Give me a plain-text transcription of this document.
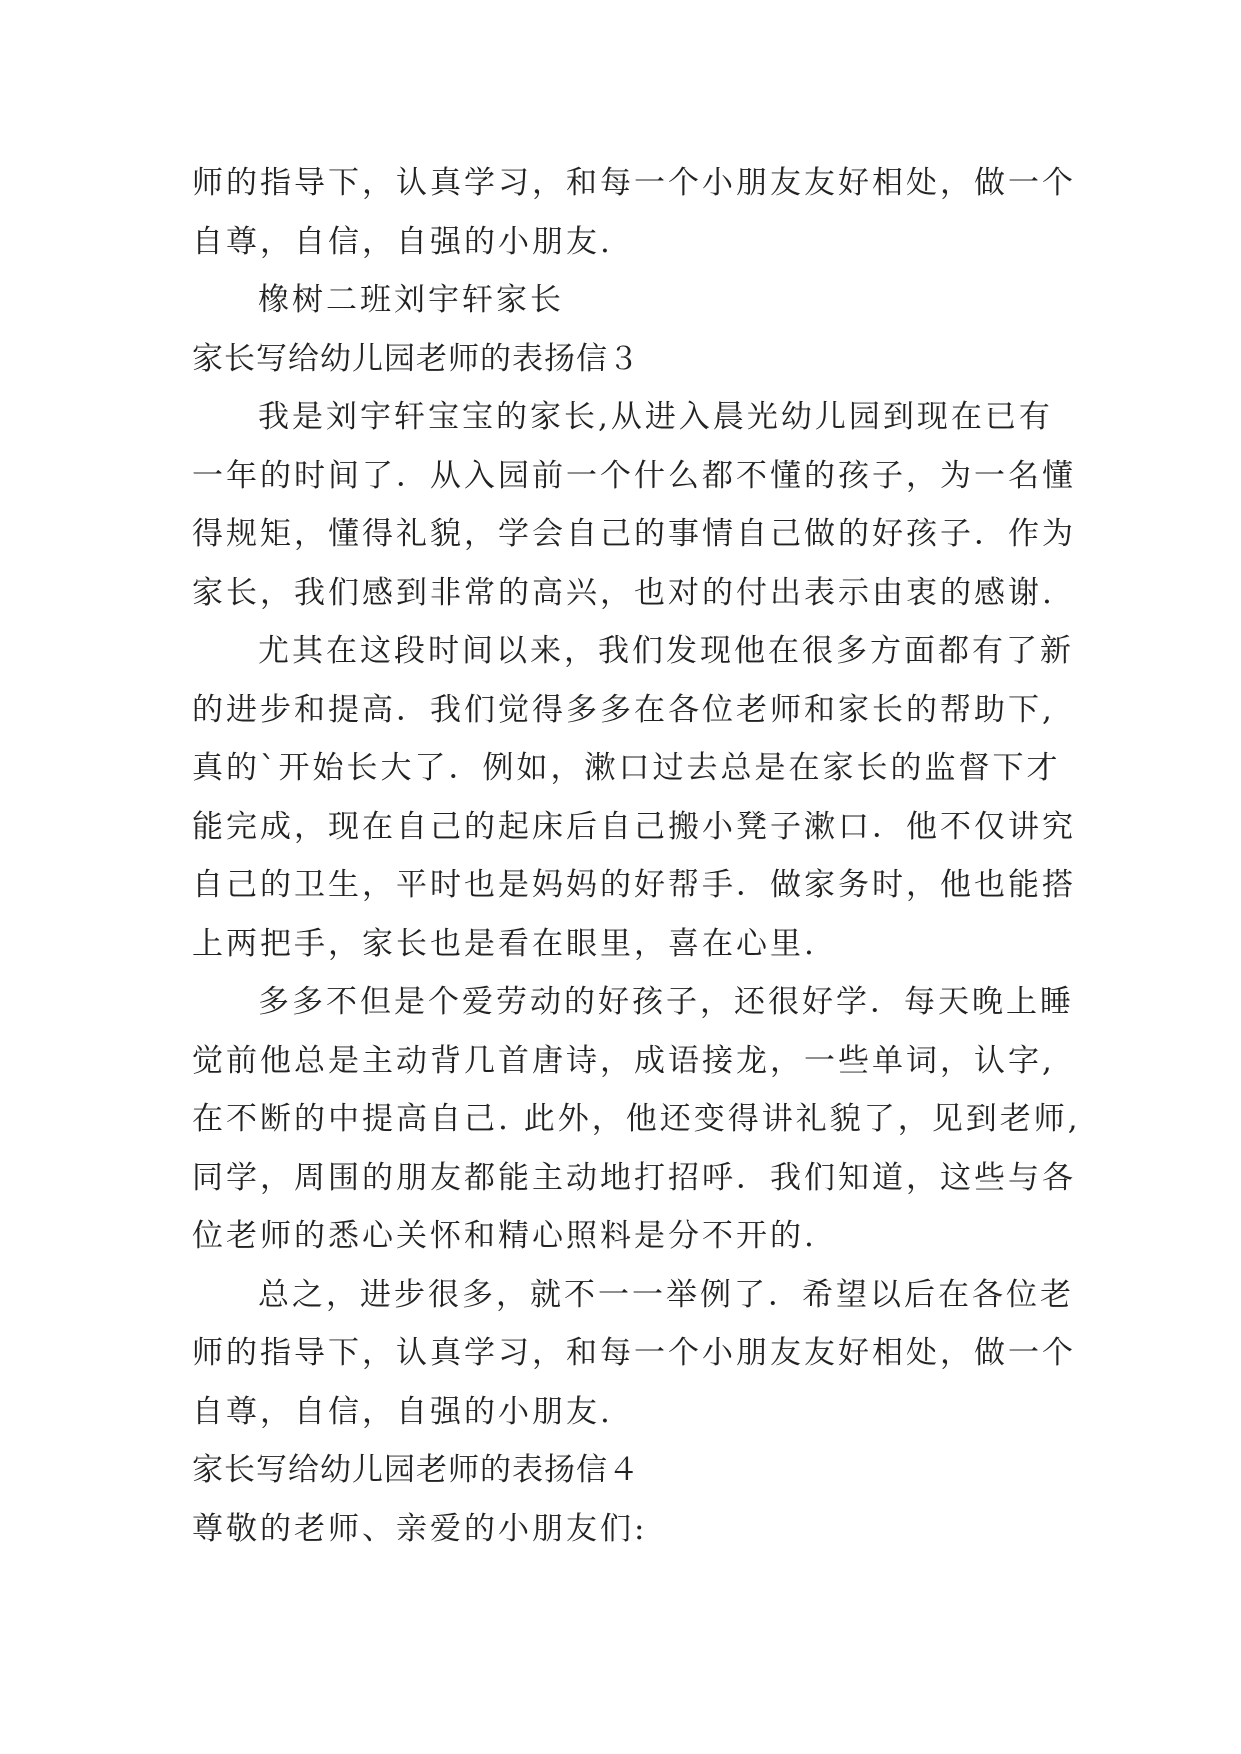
师的指导下，认真学习，和每一个小朋友友好相处，做一个
自尊，自信，自强的小朋友.
橡树二班刘宇轩家长
家长写给幼儿园老师的表扬信３
我是刘宇轩宝宝的家长,从进入晨光幼儿园到现在已有
一年的时间了．从入园前一个什么都不懂的孩子，为一名懂
得规矩，懂得礼貌，学会自己的事情自己做的好孩子．作为
家长，我们感到非常的高兴，也对的付出表示由衷的感谢.
尤其在这段时间以来，我们发现他在很多方面都有了新
的进步和提高．我们觉得多多在各位老师和家长的帮助下,
真的`开始长大了．例如，漱口过去总是在家长的监督下才
能完成，现在自己的起床后自己搬小凳子漱口．他不仅讲究
自己的卫生，平时也是妈妈的好帮手．做家务时，他也能搭
上两把手，家长也是看在眼里，喜在心里.
多多不但是个爱劳动的好孩子，还很好学．每天晚上睡
觉前他总是主动背几首唐诗，成语接龙，一些单词，认字,
在不断的中提高自己. 此外，他还变得讲礼貌了，见到老师,
同学，周围的朋友都能主动地打招呼．我们知道，这些与各
位老师的悉心关怀和精心照料是分不开的.
总之，进步很多，就不一一举例了．希望以后在各位老
师的指导下，认真学习，和每一个小朋友友好相处，做一个
自尊，自信，自强的小朋友.
家长写给幼儿园老师的表扬信４
尊敬的老师、亲爱的小朋友们:
